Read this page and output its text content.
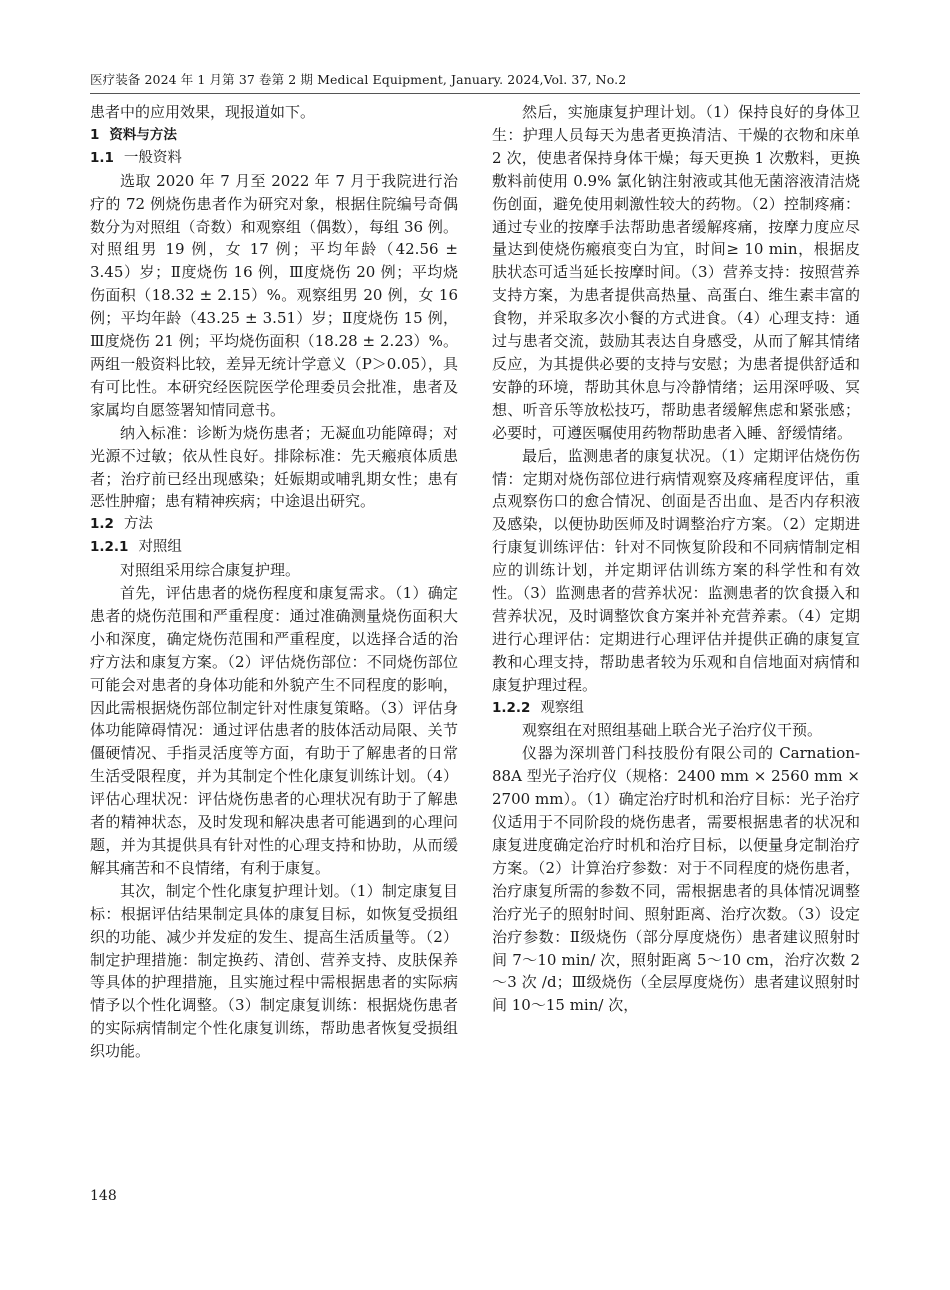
医疗装备 2024 年 1 月第 37 卷第 2 期 Medical Equipment, January. 2024,Vol. 37, No.2

患者中的应用效果，现报道如下。

1 资料与方法
1.1 一般资料

选取 2020 年 7 月至 2022 年 7 月于我院进行治疗的 72 例烧伤患者作为研究对象，根据住院编号奇偶数分为对照组（奇数）和观察组（偶数），每组 36 例。对照组男 19 例，女 17 例；平均年龄（42.56 ± 3.45）岁；Ⅱ度烧伤 16 例，Ⅲ度烧伤 20 例；平均烧伤面积（18.32 ± 2.15）%。观察组男 20 例，女 16 例；平均年龄（43.25 ± 3.51）岁；Ⅱ度烧伤 15 例，Ⅲ度烧伤 21 例；平均烧伤面积（18.28 ± 2.23）%。两组一般资料比较，差异无统计学意义（P＞0.05），具有可比性。本研究经医院医学伦理委员会批准，患者及家属均自愿签署知情同意书。

纳入标准：诊断为烧伤患者；无凝血功能障碍；对光源不过敏；依从性良好。排除标准：先天瘢痕体质患者；治疗前已经出现感染；妊娠期或哺乳期女性；患有恶性肿瘤；患有精神疾病；中途退出研究。

1.2 方法
1.2.1 对照组

对照组采用综合康复护理。

首先，评估患者的烧伤程度和康复需求。（1）确定患者的烧伤范围和严重程度：通过准确测量烧伤面积大小和深度，确定烧伤范围和严重程度，以选择合适的治疗方法和康复方案。（2）评估烧伤部位：不同烧伤部位可能会对患者的身体功能和外貌产生不同程度的影响，因此需根据烧伤部位制定针对性康复策略。（3）评估身体功能障碍情况：通过评估患者的肢体活动局限、关节僵硬情况、手指灵活度等方面，有助于了解患者的日常生活受限程度，并为其制定个性化康复训练计划。（4）评估心理状况：评估烧伤患者的心理状况有助于了解患者的精神状态，及时发现和解决患者可能遇到的心理问题，并为其提供具有针对性的心理支持和协助，从而缓解其痛苦和不良情绪，有利于康复。

其次，制定个性化康复护理计划。（1）制定康复目标：根据评估结果制定具体的康复目标，如恢复受损组织的功能、减少并发症的发生、提高生活质量等。（2）制定护理措施：制定换药、清创、营养支持、皮肤保养等具体的护理措施，且实施过程中需根据患者的实际病情予以个性化调整。（3）制定康复训练：根据烧伤患者的实际病情制定个性化康复训练，帮助患者恢复受损组织功能。

然后，实施康复护理计划。（1）保持良好的身体卫生：护理人员每天为患者更换清洁、干燥的衣物和床单 2 次，使患者保持身体干燥；每天更换 1 次敷料，更换敷料前使用 0.9% 氯化钠注射液或其他无菌溶液清洁烧伤创面，避免使用刺激性较大的药物。（2）控制疼痛：通过专业的按摩手法帮助患者缓解疼痛，按摩力度应尽量达到使烧伤瘢痕变白为宜，时间≥ 10 min，根据皮肤状态可适当延长按摩时间。（3）营养支持：按照营养支持方案，为患者提供高热量、高蛋白、维生素丰富的食物，并采取多次小餐的方式进食。（4）心理支持：通过与患者交流，鼓励其表达自身感受，从而了解其情绪反应，为其提供必要的支持与安慰；为患者提供舒适和安静的环境，帮助其休息与冷静情绪；运用深呼吸、冥想、听音乐等放松技巧，帮助患者缓解焦虑和紧张感；必要时，可遵医嘱使用药物帮助患者入睡、舒缓情绪。

最后，监测患者的康复状况。（1）定期评估烧伤伤情：定期对烧伤部位进行病情观察及疼痛程度评估，重点观察伤口的愈合情况、创面是否出血、是否内存积液及感染，以便协助医师及时调整治疗方案。（2）定期进行康复训练评估：针对不同恢复阶段和不同病情制定相应的训练计划，并定期评估训练方案的科学性和有效性。（3）监测患者的营养状况：监测患者的饮食摄入和营养状况，及时调整饮食方案并补充营养素。（4）定期进行心理评估：定期进行心理评估并提供正确的康复宣教和心理支持，帮助患者较为乐观和自信地面对病情和康复护理过程。

1.2.2 观察组

观察组在对照组基础上联合光子治疗仪干预。

仪器为深圳普门科技股份有限公司的 Carnation-88A 型光子治疗仪（规格：2400 mm × 2560 mm × 2700 mm）。（1）确定治疗时机和治疗目标：光子治疗仪适用于不同阶段的烧伤患者，需要根据患者的状况和康复进度确定治疗时机和治疗目标，以便量身定制治疗方案。（2）计算治疗参数：对于不同程度的烧伤患者，治疗康复所需的参数不同，需根据患者的具体情况调整治疗光子的照射时间、照射距离、治疗次数。（3）设定治疗参数：Ⅱ级烧伤（部分厚度烧伤）患者建议照射时间 7～10 min/ 次，照射距离 5～10 cm，治疗次数 2～3 次 /d；Ⅲ级烧伤（全层厚度烧伤）患者建议照射时间 10～15 min/ 次，

148
